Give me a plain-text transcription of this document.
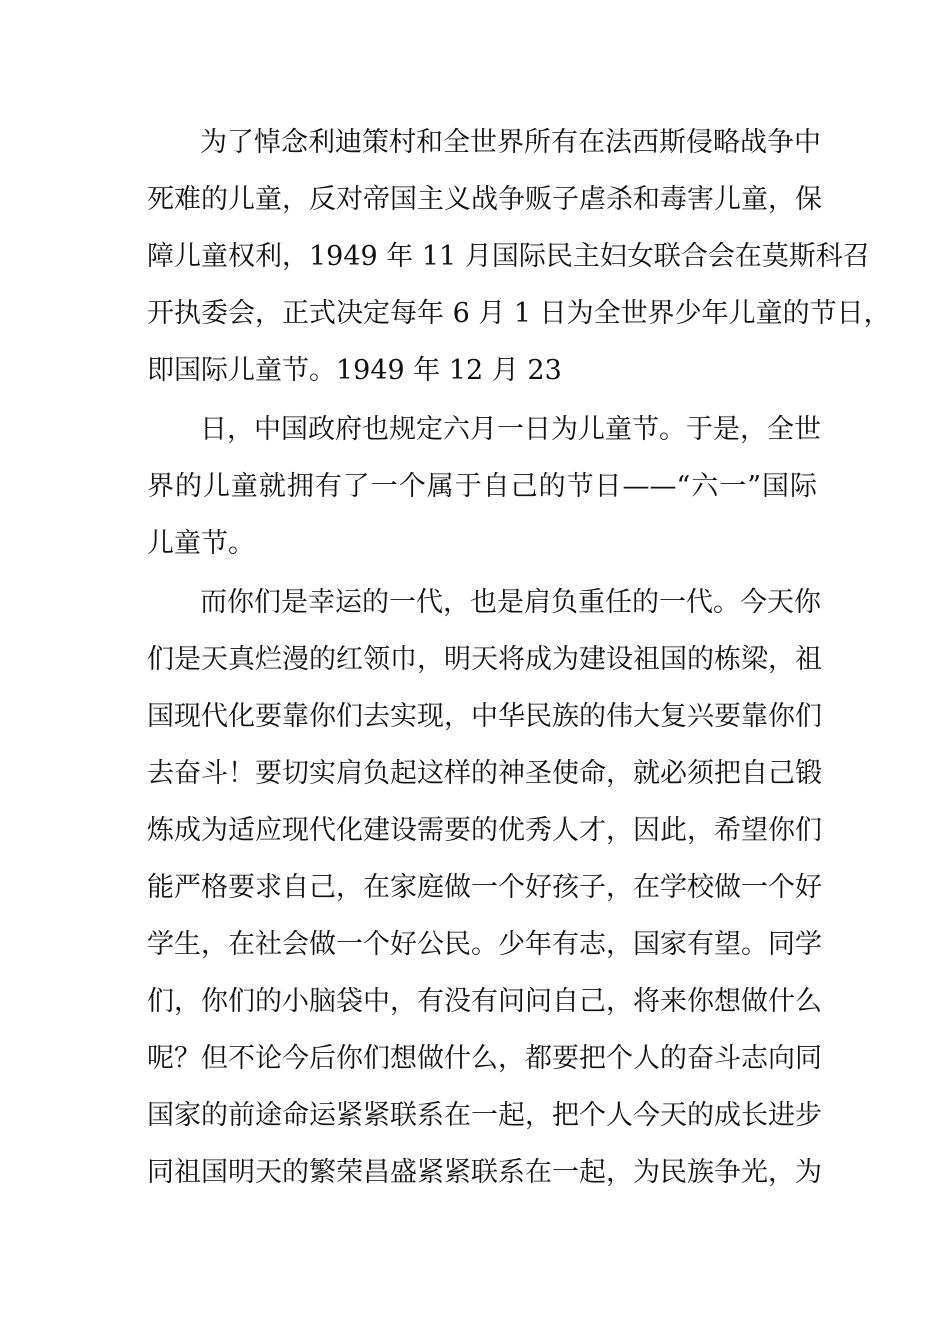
为了悼念利迪策村和全世界所有在法西斯侵略战争中
死难的儿童，反对帝国主义战争贩子虐杀和毒害儿童，保
障儿童权利，1949 年 11 月国际民主妇女联合会在莫斯科召
开执委会，正式决定每年 6 月 1 日为全世界少年儿童的节日，
即国际儿童节。1949 年 12 月 23
日，中国政府也规定六月一日为儿童节。于是，全世
界的儿童就拥有了一个属于自己的节日——“六一”国际
儿童节。
而你们是幸运的一代，也是肩负重任的一代。今天你
们是天真烂漫的红领巾，明天将成为建设祖国的栋梁，祖
国现代化要靠你们去实现，中华民族的伟大复兴要靠你们
去奋斗！要切实肩负起这样的神圣使命，就必须把自己锻
炼成为适应现代化建设需要的优秀人才，因此，希望你们
能严格要求自己，在家庭做一个好孩子，在学校做一个好
学生，在社会做一个好公民。少年有志，国家有望。同学
们，你们的小脑袋中，有没有问问自己，将来你想做什么
呢？但不论今后你们想做什么，都要把个人的奋斗志向同
国家的前途命运紧紧联系在一起，把个人今天的成长进步
同祖国明天的繁荣昌盛紧紧联系在一起，为民族争光，为
